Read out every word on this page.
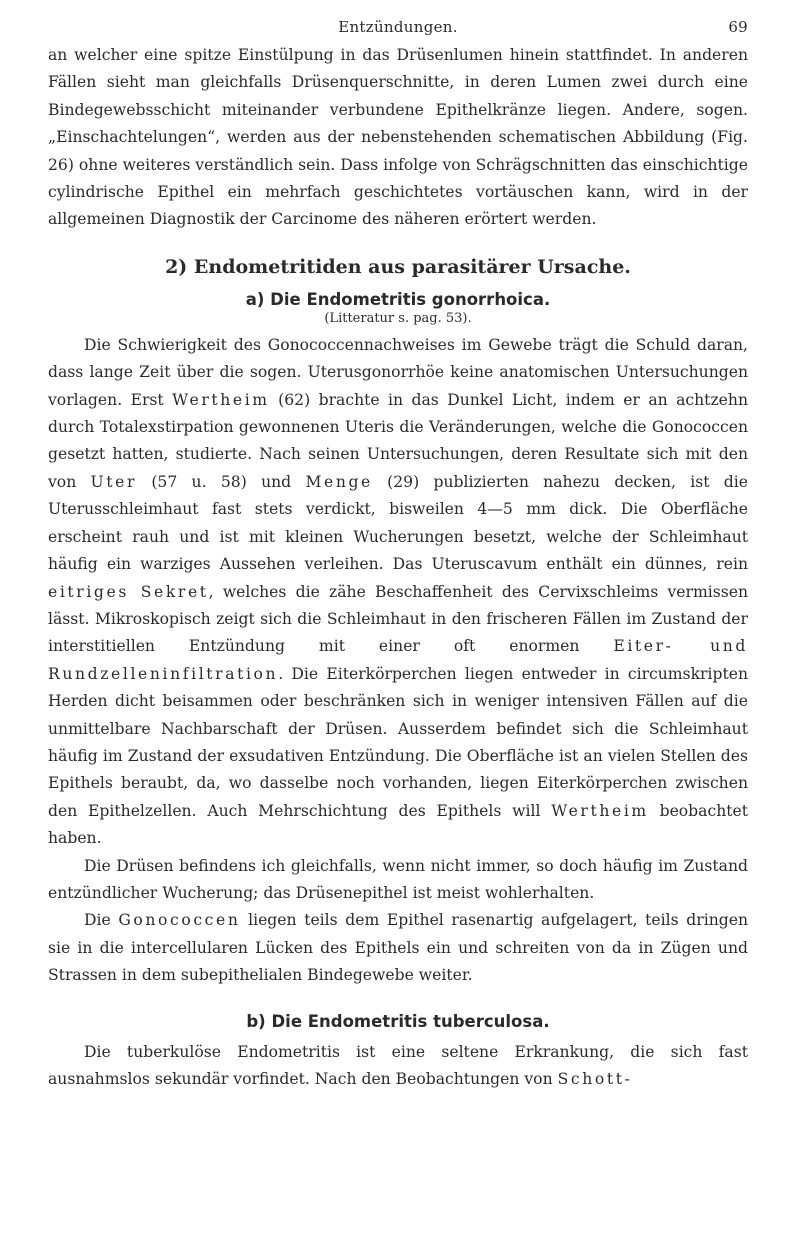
Entzündungen.	69

an welcher eine spitze Einstülpung in das Drüsenlumen hinein stattfindet. In anderen Fällen sieht man gleichfalls Drüsenquerschnitte, in deren Lumen zwei durch eine Bindegewebsschicht miteinander verbundene Epithelkränze liegen. Andere, sogen. „Einschachtelungen“, werden aus der nebenstehenden schematischen Abbildung (Fig. 26) ohne weiteres verständlich sein. Dass infolge von Schrägschnitten das einschichtige cylindrische Epithel ein mehrfach geschichtetes vortäuschen kann, wird in der allgemeinen Diagnostik der Carcinome des näheren erörtert werden.

2) Endometritiden aus parasitärer Ursache.
a) Die Endometritis gonorrhoica.
(Litteratur s. pag. 53).

Die Schwierigkeit des Gonococcennachweises im Gewebe trägt die Schuld daran, dass lange Zeit über die sogen. Uterusgonorrhöe keine anatomischen Untersuchungen vorlagen. Erst Wertheim (62) brachte in das Dunkel Licht, indem er an achtzehn durch Totalexstirpation gewonnenen Uteris die Veränderungen, welche die Gonococcen gesetzt hatten, studierte. Nach seinen Untersuchungen, deren Resultate sich mit den von Uter (57 u. 58) und Menge (29) publizierten nahezu decken, ist die Uterusschleimhaut fast stets verdickt, bisweilen 4—5 mm dick. Die Oberfläche erscheint rauh und ist mit kleinen Wucherungen besetzt, welche der Schleimhaut häufig ein warziges Aussehen verleihen. Das Uteruscavum enthält ein dünnes, rein eitriges Sekret, welches die zähe Beschaffenheit des Cervixschleims vermissen lässt. Mikroskopisch zeigt sich die Schleimhaut in den frischeren Fällen im Zustand der interstitiellen Entzündung mit einer oft enormen Eiter- und Rundzelleninfiltration. Die Eiterkörperchen liegen entweder in circumskripten Herden dicht beisammen oder beschränken sich in weniger intensiven Fällen auf die unmittelbare Nachbarschaft der Drüsen. Ausserdem befindet sich die Schleimhaut häufig im Zustand der exsudativen Entzündung. Die Oberfläche ist an vielen Stellen des Epithels beraubt, da, wo dasselbe noch vorhanden, liegen Eiterkörperchen zwischen den Epithelzellen. Auch Mehrschichtung des Epithels will Wertheim beobachtet haben.

Die Drüsen befindens ich gleichfalls, wenn nicht immer, so doch häufig im Zustand entzündlicher Wucherung; das Drüsenepithel ist meist wohlerhalten.

Die Gonococcen liegen teils dem Epithel rasenartig aufgelagert, teils dringen sie in die intercellularen Lücken des Epithels ein und schreiten von da in Zügen und Strassen in dem subepithelialen Bindegewebe weiter.

b) Die Endometritis tuberculosa.

Die tuberkulöse Endometritis ist eine seltene Erkrankung, die sich fast ausnahmslos sekundär vorfindet. Nach den Beobachtungen von Schott-
